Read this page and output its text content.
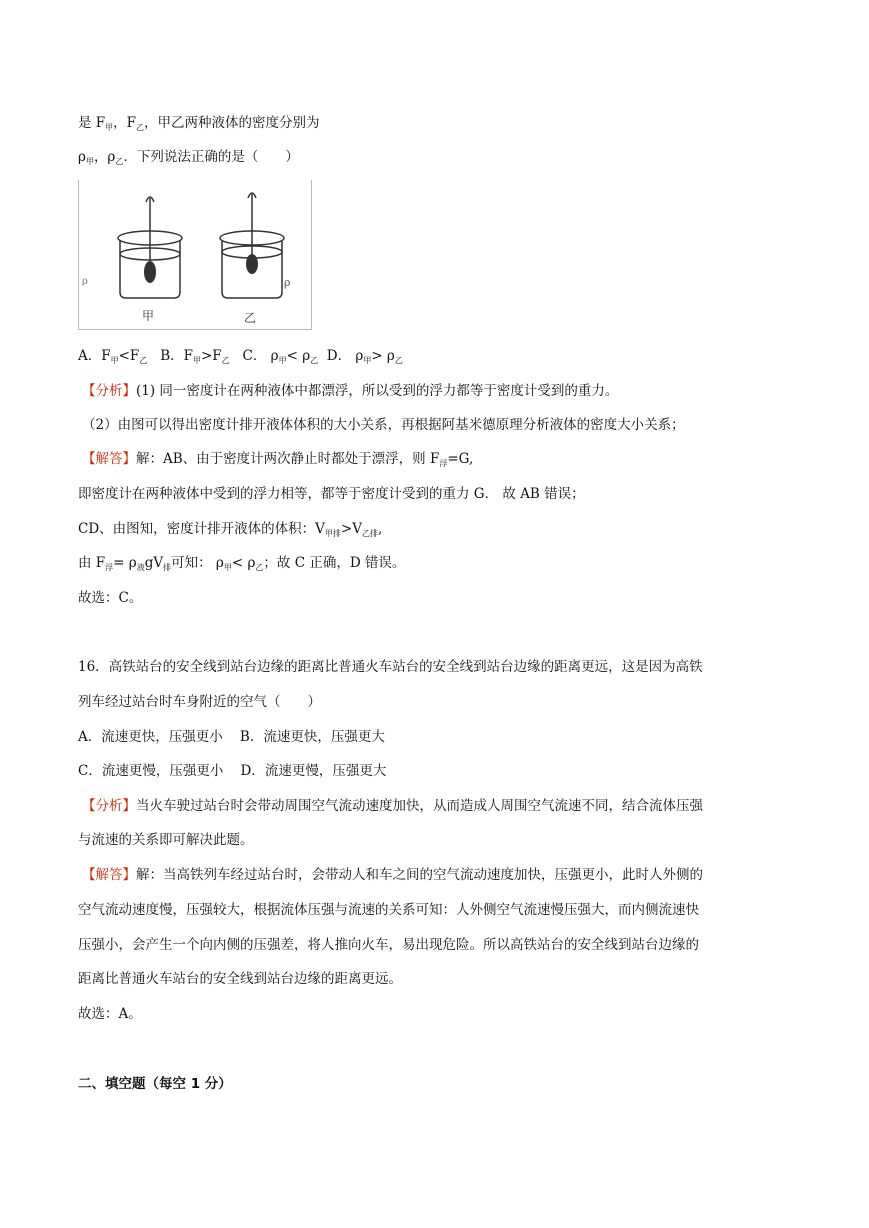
是 $F_甲$，$F_乙$，甲乙两种液体的密度分别为
$\rho_甲$，$\rho_乙$．下列说法正确的是（　　）
ρ	ρ
甲	乙
A．$F_甲<F_乙$ B．$F_甲>F_乙$ C． $\rho_甲< \rho_乙$ D． $\rho_甲> \rho_乙$
【分析】(1) 同一密度计在两种液体中都漂浮，所以受到的浮力都等于密度计受到的重力。
（2）由图可以得出密度计排开液体体积的大小关系，再根据阿基米德原理分析液体的密度大小关系；
【解答】解：AB、由于密度计两次静止时都处于漂浮，则 $F_浮=G$,
即密度计在两种液体中受到的浮力相等，都等于密度计受到的重力 G． 故 AB 错误；
CD、由图知，密度计排开液体的体积：$V_{甲排}>V_{乙排}$,
由 $F_浮= \rho_液gV_排$可知： $\rho_甲< \rho_乙$；故 C 正确，D 错误。
故选：C。
16．高铁站台的安全线到站台边缘的距离比普通火车站台的安全线到站台边缘的距离更远，这是因为高铁
列车经过站台时车身附近的空气（　　）
A．流速更快，压强更小 B．流速更快，压强更大
C．流速更慢，压强更小 D．流速更慢，压强更大
【分析】当火车驶过站台时会带动周围空气流动速度加快，从而造成人周围空气流速不同，结合流体压强
与流速的关系即可解决此题。
【解答】解：当高铁列车经过站台时，会带动人和车之间的空气流动速度加快，压强更小，此时人外侧的
空气流动速度慢，压强较大，根据流体压强与流速的关系可知：人外侧空气流速慢压强大，而内侧流速快
压强小，会产生一个向内侧的压强差，将人推向火车，易出现危险。所以高铁站台的安全线到站台边缘的
距离比普通火车站台的安全线到站台边缘的距离更远。
故选：A。
二、填空题（每空 1 分）
